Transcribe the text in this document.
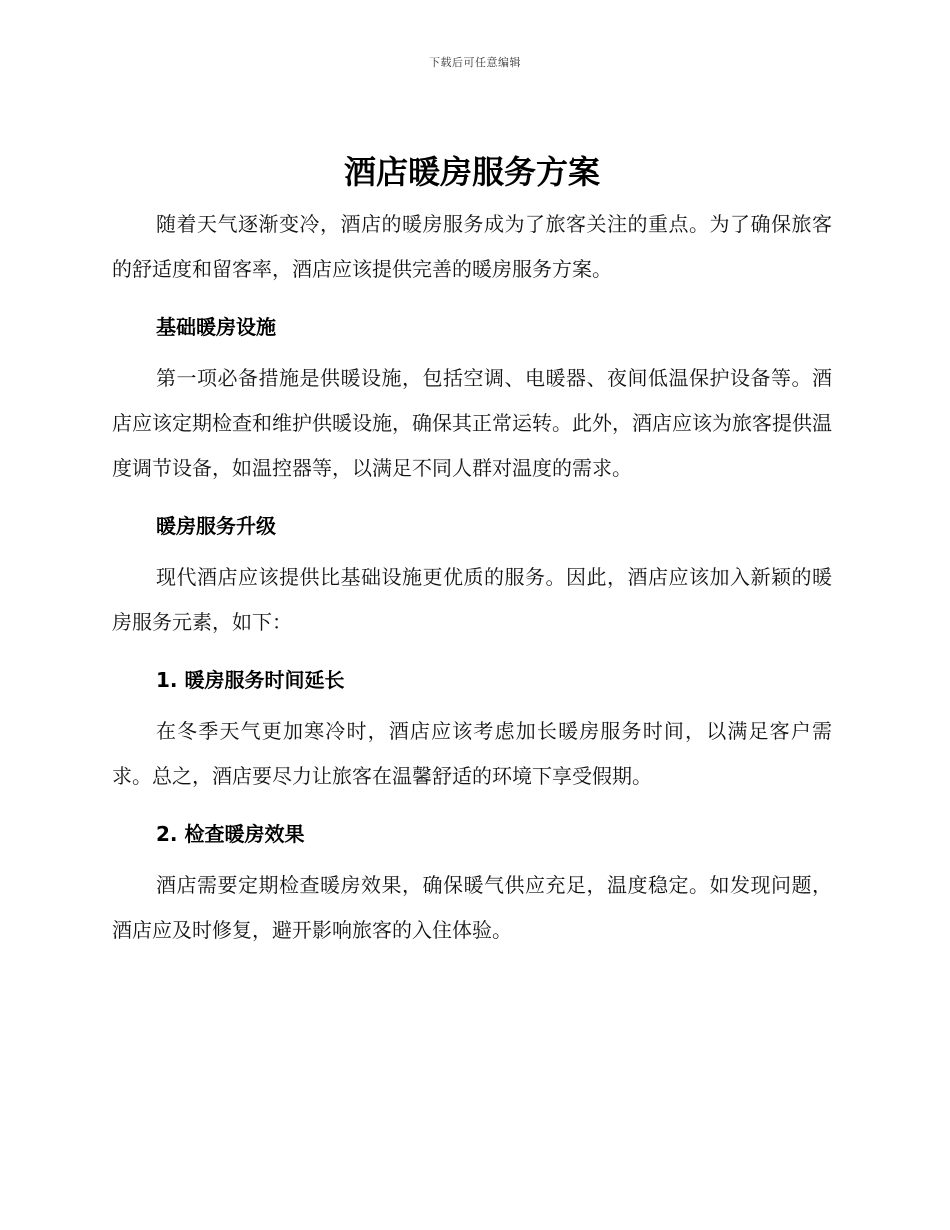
下载后可任意编辑
酒店暖房服务方案

随着天气逐渐变冷，酒店的暖房服务成为了旅客关注的重点。为了确保旅客的舒适度和留客率，酒店应该提供完善的暖房服务方案。

基础暖房设施

第一项必备措施是供暖设施，包括空调、电暖器、夜间低温保护设备等。酒店应该定期检查和维护供暖设施，确保其正常运转。此外，酒店应该为旅客提供温度调节设备，如温控器等，以满足不同人群对温度的需求。

暖房服务升级

现代酒店应该提供比基础设施更优质的服务。因此，酒店应该加入新颖的暖房服务元素，如下：

1. 暖房服务时间延长

在冬季天气更加寒冷时，酒店应该考虑加长暖房服务时间，以满足客户需求。总之，酒店要尽力让旅客在温馨舒适的环境下享受假期。

2. 检查暖房效果

酒店需要定期检查暖房效果，确保暖气供应充足，温度稳定。如发现问题，酒店应及时修复，避开影响旅客的入住体验。
